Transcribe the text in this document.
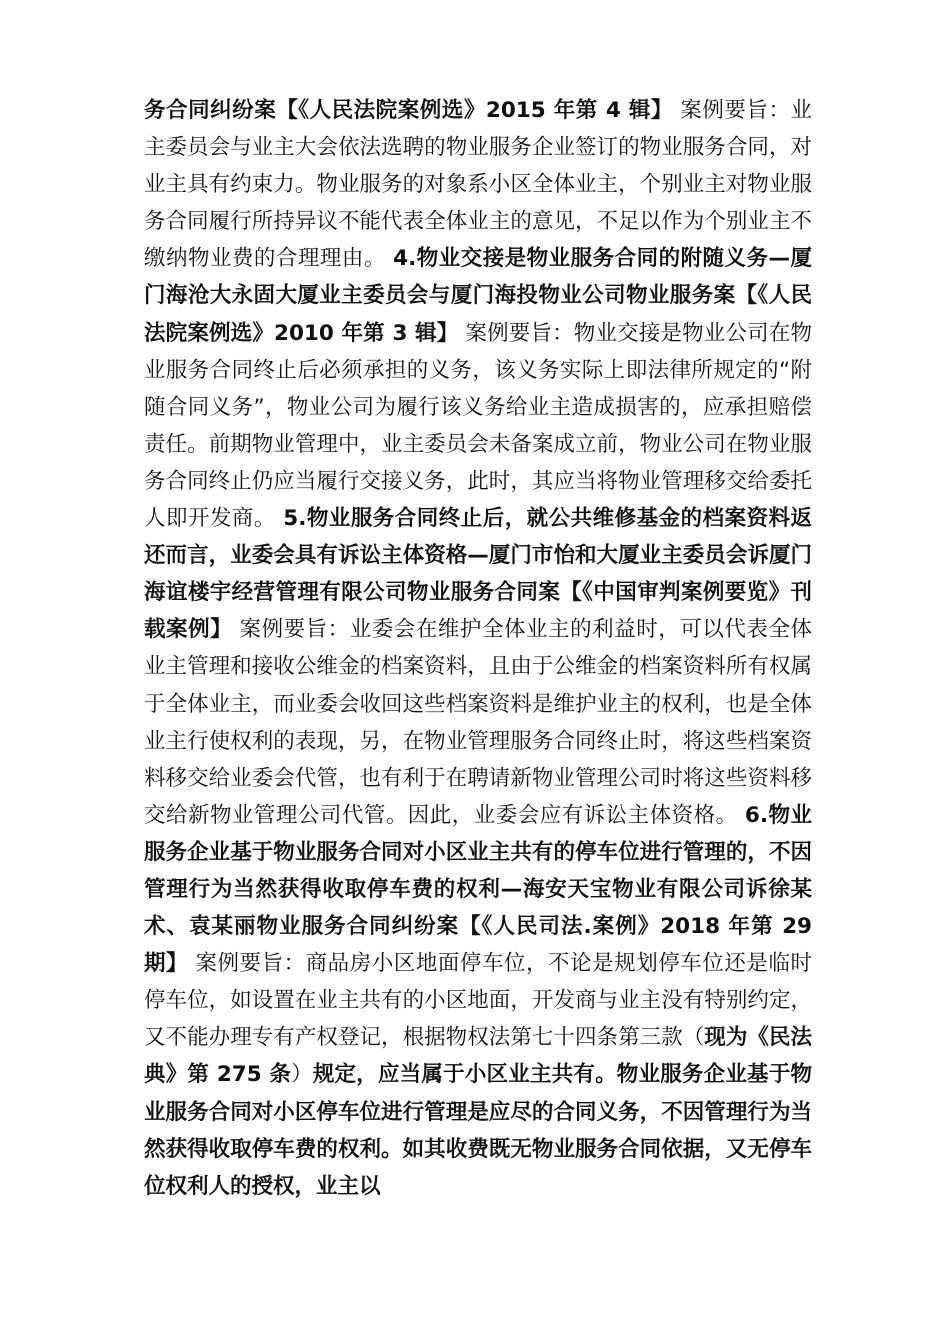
务合同纠纷案【《人民法院案例选》2015 年第 4 辑】 案例要旨：业主委员会与业主大会依法选聘的物业服务企业签订的物业服务合同，对业主具有约束力。物业服务的对象系小区全体业主，个别业主对物业服务合同履行所持异议不能代表全体业主的意见，不足以作为个别业主不缴纳物业费的合理理由。 4.物业交接是物业服务合同的附随义务—厦门海沧大永固大厦业主委员会与厦门海投物业公司物业服务案【《人民法院案例选》2010 年第 3 辑】 案例要旨：物业交接是物业公司在物业服务合同终止后必须承担的义务，该义务实际上即法律所规定的“附随合同义务”，物业公司为履行该义务给业主造成损害的，应承担赔偿责任。前期物业管理中，业主委员会未备案成立前，物业公司在物业服务合同终止仍应当履行交接义务，此时，其应当将物业管理移交给委托人即开发商。 5.物业服务合同终止后，就公共维修基金的档案资料返还而言，业委会具有诉讼主体资格—厦门市怡和大厦业主委员会诉厦门海谊楼宇经营管理有限公司物业服务合同案【《中国审判案例要览》刊载案例】 案例要旨：业委会在维护全体业主的利益时，可以代表全体业主管理和接收公维金的档案资料，且由于公维金的档案资料所有权属于全体业主，而业委会收回这些档案资料是维护业主的权利，也是全体业主行使权利的表现，另，在物业管理服务合同终止时，将这些档案资料移交给业委会代管，也有利于在聘请新物业管理公司时将这些资料移交给新物业管理公司代管。因此，业委会应有诉讼主体资格。 6.物业服务企业基于物业服务合同对小区业主共有的停车位进行管理的，不因管理行为当然获得收取停车费的权利—海安天宝物业有限公司诉徐某术、袁某丽物业服务合同纠纷案【《人民司法.案例》2018 年第 29 期】 案例要旨：商品房小区地面停车位，不论是规划停车位还是临时停车位，如设置在业主共有的小区地面，开发商与业主没有特别约定，又不能办理专有产权登记，根据物权法第七十四条第三款（现为《民法典》第 275 条）规定，应当属于小区业主共有。物业服务企业基于物业服务合同对小区停车位进行管理是应尽的合同义务，不因管理行为当然获得收取停车费的权利。如其收费既无物业服务合同依据，又无停车位权利人的授权，业主以
